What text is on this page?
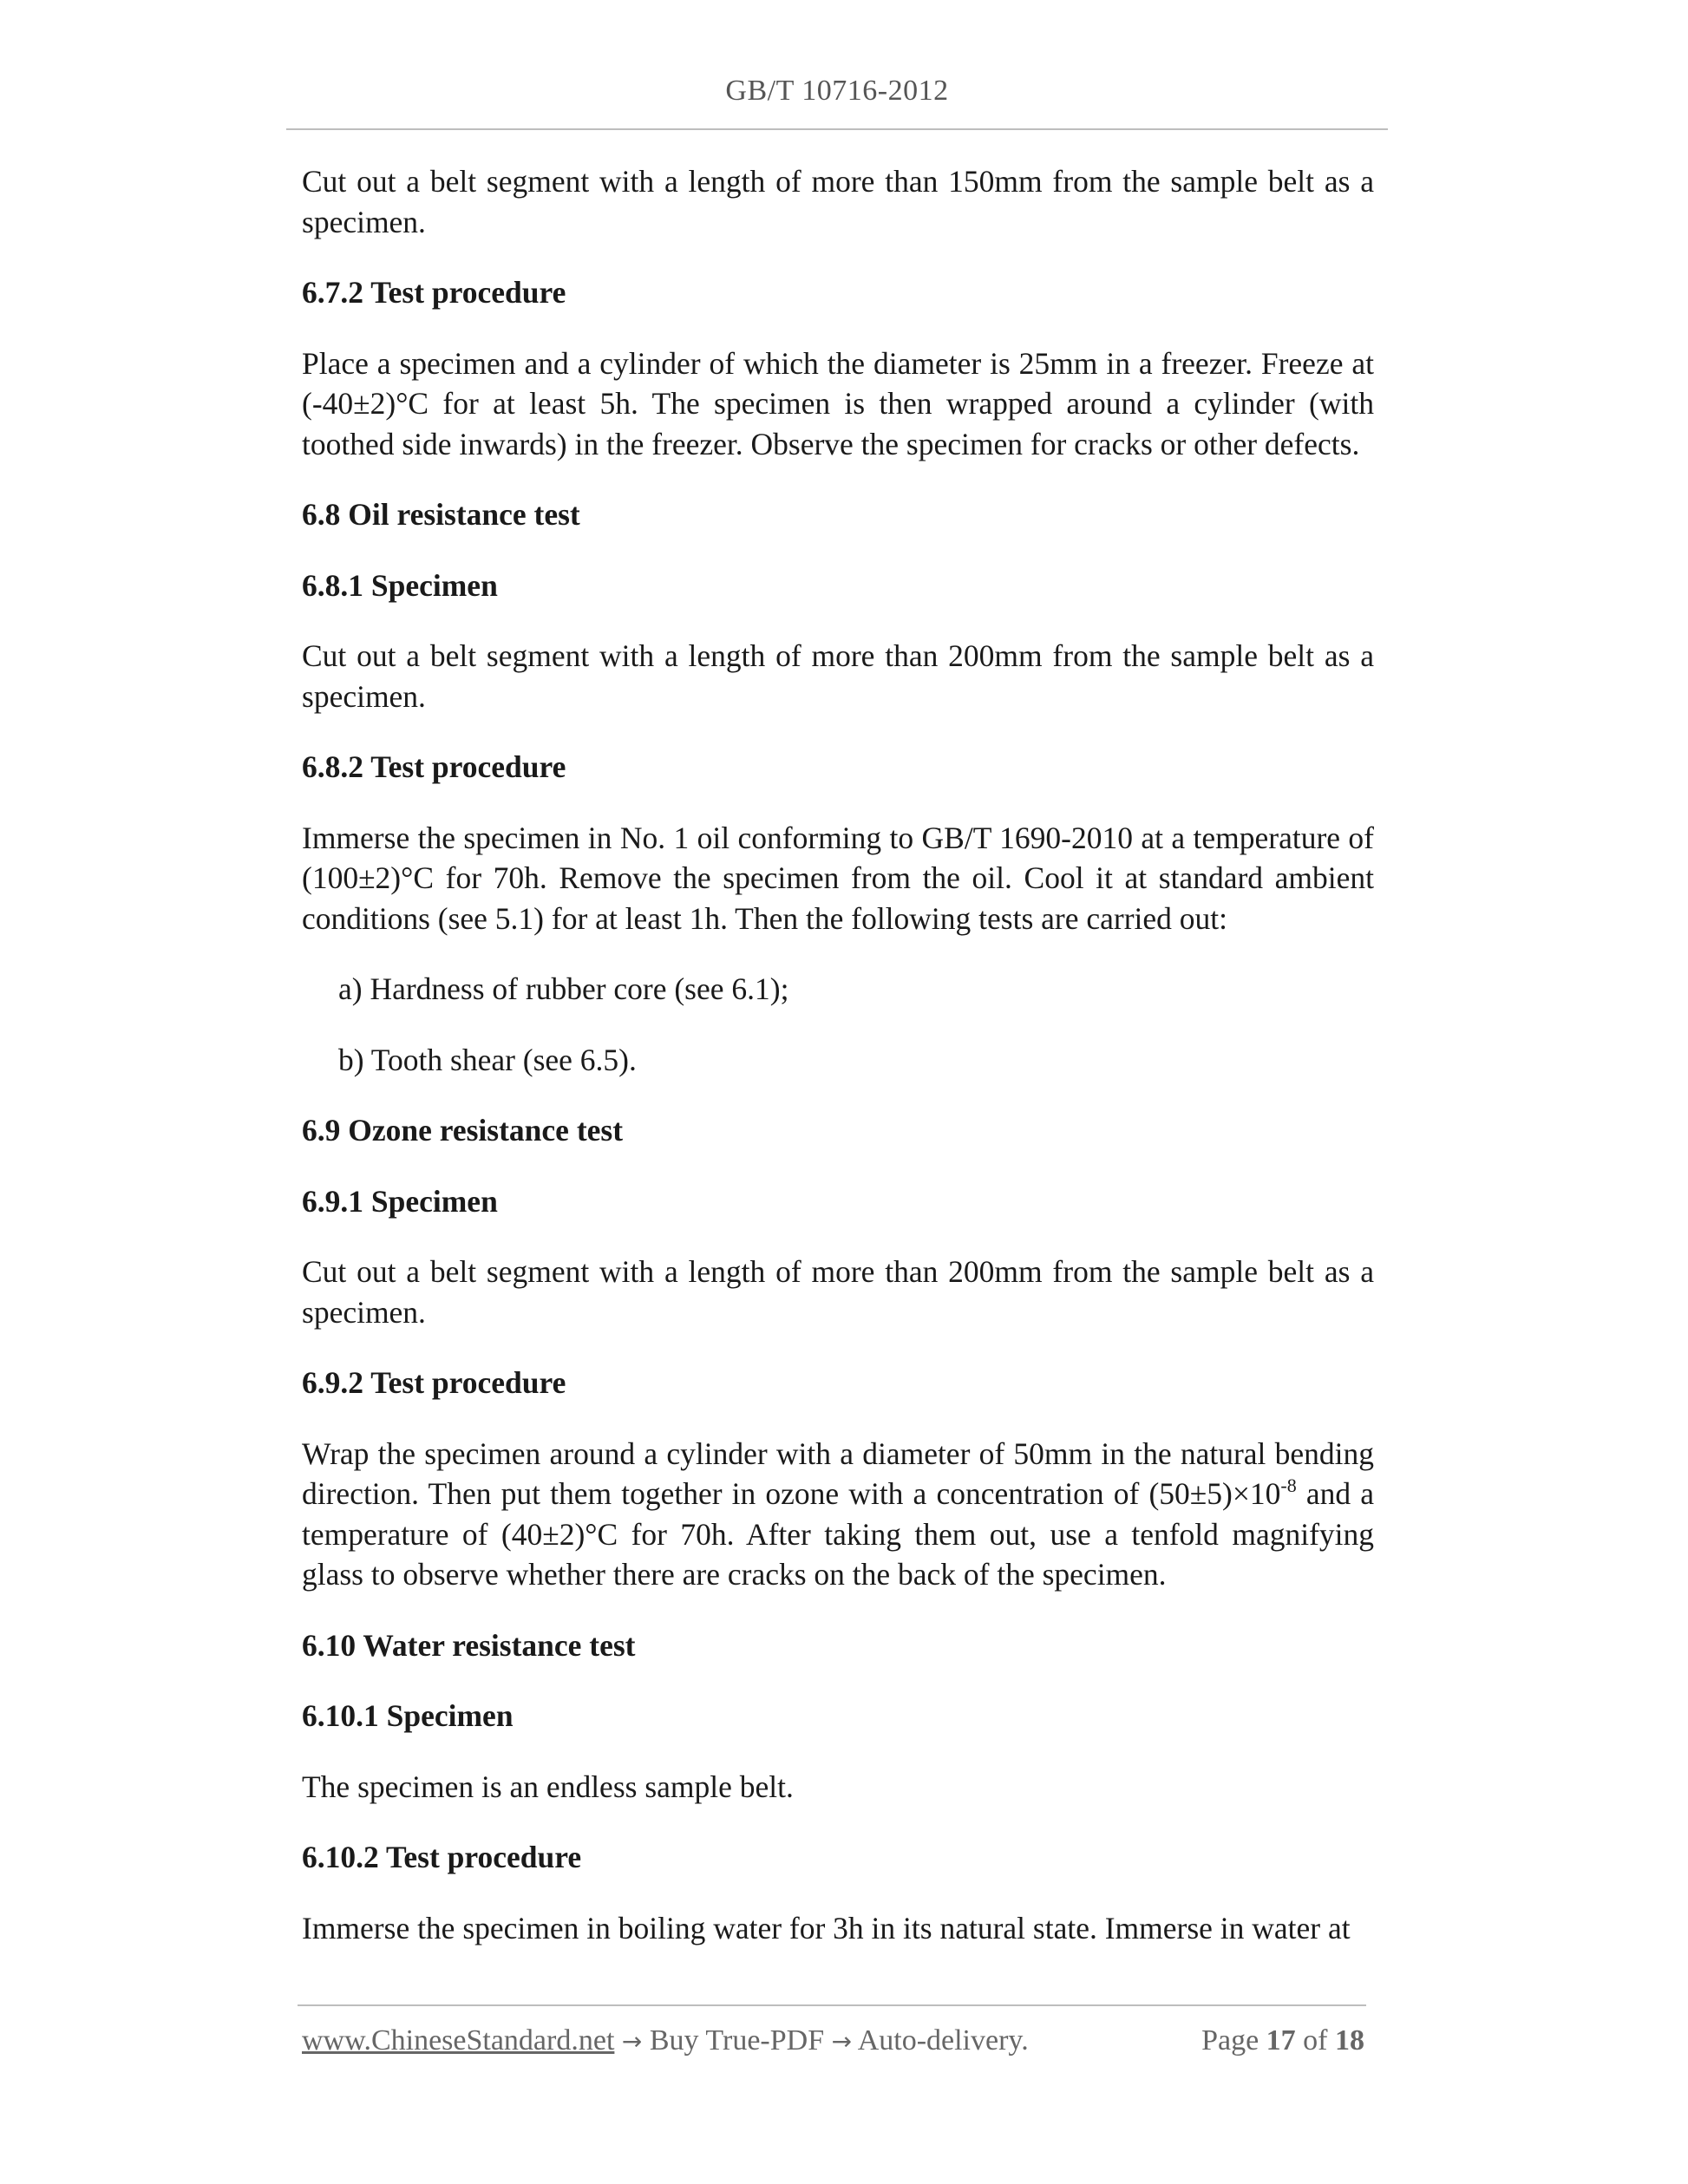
GB/T 10716-2012

Cut out a belt segment with a length of more than 150mm from the sample belt as a specimen.

6.7.2 Test procedure

Place a specimen and a cylinder of which the diameter is 25mm in a freezer. Freeze at (-40±2)°C for at least 5h. The specimen is then wrapped around a cylinder (with toothed side inwards) in the freezer. Observe the specimen for cracks or other defects.

6.8 Oil resistance test

6.8.1 Specimen

Cut out a belt segment with a length of more than 200mm from the sample belt as a specimen.

6.8.2 Test procedure

Immerse the specimen in No. 1 oil conforming to GB/T 1690-2010 at a temperature of (100±2)°C for 70h. Remove the specimen from the oil. Cool it at standard ambient conditions (see 5.1) for at least 1h. Then the following tests are carried out:

a) Hardness of rubber core (see 6.1);

b) Tooth shear (see 6.5).

6.9 Ozone resistance test

6.9.1 Specimen

Cut out a belt segment with a length of more than 200mm from the sample belt as a specimen.

6.9.2 Test procedure

Wrap the specimen around a cylinder with a diameter of 50mm in the natural bending direction. Then put them together in ozone with a concentration of $(50\pm 5)\times 10^{-8}$ and a temperature of (40±2)°C for 70h. After taking them out, use a tenfold magnifying glass to observe whether there are cracks on the back of the specimen.

6.10 Water resistance test

6.10.1 Specimen

The specimen is an endless sample belt.

6.10.2 Test procedure

Immerse the specimen in boiling water for 3h in its natural state. Immerse in water at

www.ChineseStandard.net → Buy True-PDF → Auto-delivery.	Page 17 of 18
